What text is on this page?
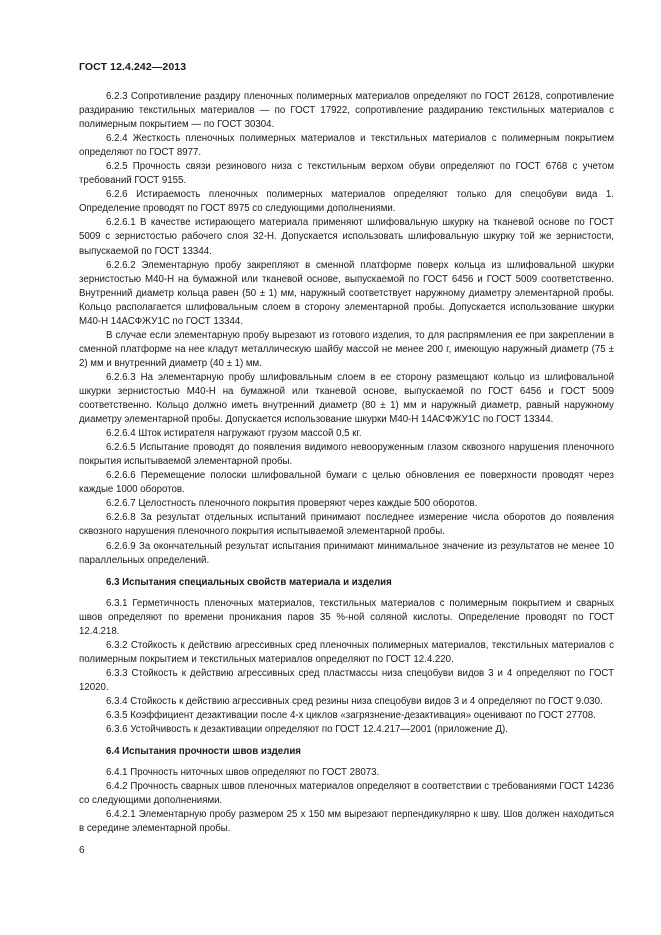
ГОСТ 12.4.242—2013

6.2.3 Сопротивление раздиру пленочных полимерных материалов определяют по ГОСТ 26128, сопротивление раздиранию текстильных материалов — по ГОСТ 17922, сопротивление раздиранию текстильных материалов с полимерным покрытием — по ГОСТ 30304.

6.2.4 Жесткость пленочных полимерных материалов и текстильных материалов с полимерным покрытием определяют по ГОСТ 8977.

6.2.5 Прочность связи резинового низа с текстильным верхом обуви определяют по ГОСТ 6768 с учетом требований ГОСТ 9155.

6.2.6 Истираемость пленочных полимерных материалов определяют только для спецобуви вида 1. Определение проводят по ГОСТ 8975 со следующими дополнениями.

6.2.6.1 В качестве истирающего материала применяют шлифовальную шкурку на тканевой основе по ГОСТ 5009 с зернистостью рабочего слоя 32-Н. Допускается использовать шлифовальную шкурку той же зернистости, выпускаемой по ГОСТ 13344.

6.2.6.2 Элементарную пробу закрепляют в сменной платформе поверх кольца из шлифовальной шкурки зернистостью М40-Н на бумажной или тканевой основе, выпускаемой по ГОСТ 6456 и ГОСТ 5009 соответственно. Внутренний диаметр кольца равен (50 ± 1) мм, наружный соответствует наружному диаметру элементарной пробы. Кольцо располагается шлифовальным слоем в сторону элементарной пробы. Допускается использование шкурки М40-Н 14АСФЖУ1С по ГОСТ 13344.

В случае если элементарную пробу вырезают из готового изделия, то для распрямления ее при закреплении в сменной платформе на нее кладут металлическую шайбу массой не менее 200 г, имеющую наружный диаметр (75 ± 2) мм и внутренний диаметр (40 ± 1) мм.

6.2.6.3 На элементарную пробу шлифовальным слоем в ее сторону размещают кольцо из шлифовальной шкурки зернистостью М40-Н на бумажной или тканевой основе, выпускаемой по ГОСТ 6456 и ГОСТ 5009 соответственно. Кольцо должно иметь внутренний диаметр (80 ± 1) мм и наружный диаметр, равный наружному диаметру элементарной пробы. Допускается использование шкурки М40-Н 14АСФЖУ1С по ГОСТ 13344.

6.2.6.4 Шток истирателя нагружают грузом массой 0,5 кг.

6.2.6.5 Испытание проводят до появления видимого невооруженным глазом сквозного нарушения пленочного покрытия испытываемой элементарной пробы.

6.2.6.6 Перемещение полоски шлифовальной бумаги с целью обновления ее поверхности проводят через каждые 1000 оборотов.

6.2.6.7 Целостность пленочного покрытия проверяют через каждые 500 оборотов.

6.2.6.8 За результат отдельных испытаний принимают последнее измерение числа оборотов до появления сквозного нарушения пленочного покрытия испытываемой элементарной пробы.

6.2.6.9 За окончательный результат испытания принимают минимальное значение из результатов не менее 10 параллельных определений.

6.3 Испытания специальных свойств материала и изделия

6.3.1 Герметичность пленочных материалов, текстильных материалов с полимерным покрытием и сварных швов определяют по времени проникания паров 35 %-ной соляной кислоты. Определение проводят по ГОСТ 12.4.218.

6.3.2 Стойкость к действию агрессивных сред пленочных полимерных материалов, текстильных материалов с полимерным покрытием и текстильных материалов определяют по ГОСТ 12.4.220.

6.3.3 Стойкость к действию агрессивных сред пластмассы низа спецобуви видов 3 и 4 определяют по ГОСТ 12020.

6.3.4 Стойкость к действию агрессивных сред резины низа спецобуви видов 3 и 4 определяют по ГОСТ 9.030.

6.3.5 Коэффициент дезактивации после 4-х циклов «загрязнение-дезактивация» оценивают по ГОСТ 27708.

6.3.6 Устойчивость к дезактивации определяют по ГОСТ 12.4.217—2001 (приложение Д).

6.4 Испытания прочности швов изделия

6.4.1 Прочность ниточных швов определяют по ГОСТ 28073.

6.4.2 Прочность сварных швов пленочных материалов определяют в соответствии с требованиями ГОСТ 14236 со следующими дополнениями.

6.4.2.1 Элементарную пробу размером 25 х 150 мм вырезают перпендикулярно к шву. Шов должен находиться в середине элементарной пробы.

6
